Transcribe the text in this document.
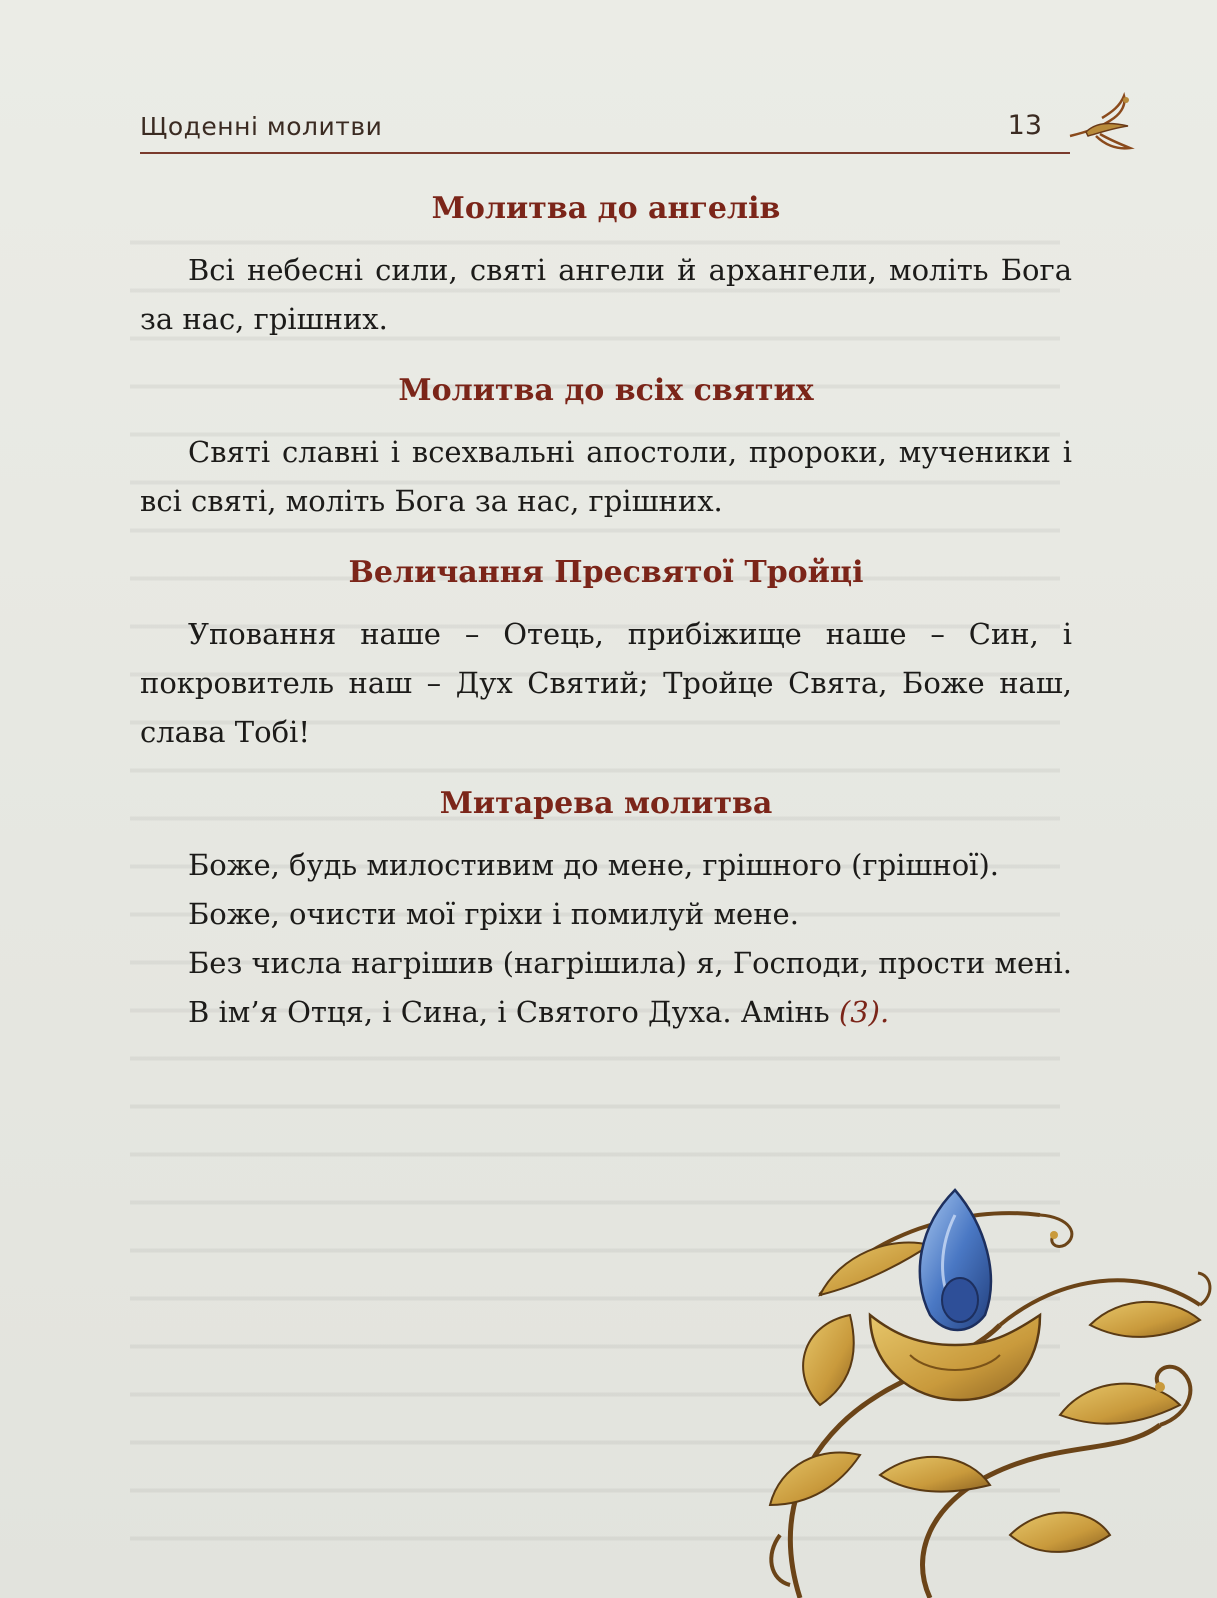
Щоденні молитви	13
Молитва до ангелів

Всі небесні сили, святі ангели й архангели, моліть Бога за нас, грішних.

Молитва до всіх святих

Святі славні і всехвальні апостоли, пророки, мученики і всі святі, моліть Бога за нас, грішних.

Величання Пресвятої Тройці

Уповання наше – Отець, прибіжище наше – Син, і покровитель наш – Дух Святий; Тройце Свята, Боже наш, слава Тобі!

Митарева молитва

Боже, будь милостивим до мене, грішного (грішної).

Боже, очисти мої гріхи і помилуй мене.

Без числа нагрішив (нагрішила) я, Господи, прости мені.

В ім’я Отця, і Сина, і Святого Духа. Амінь (3).
